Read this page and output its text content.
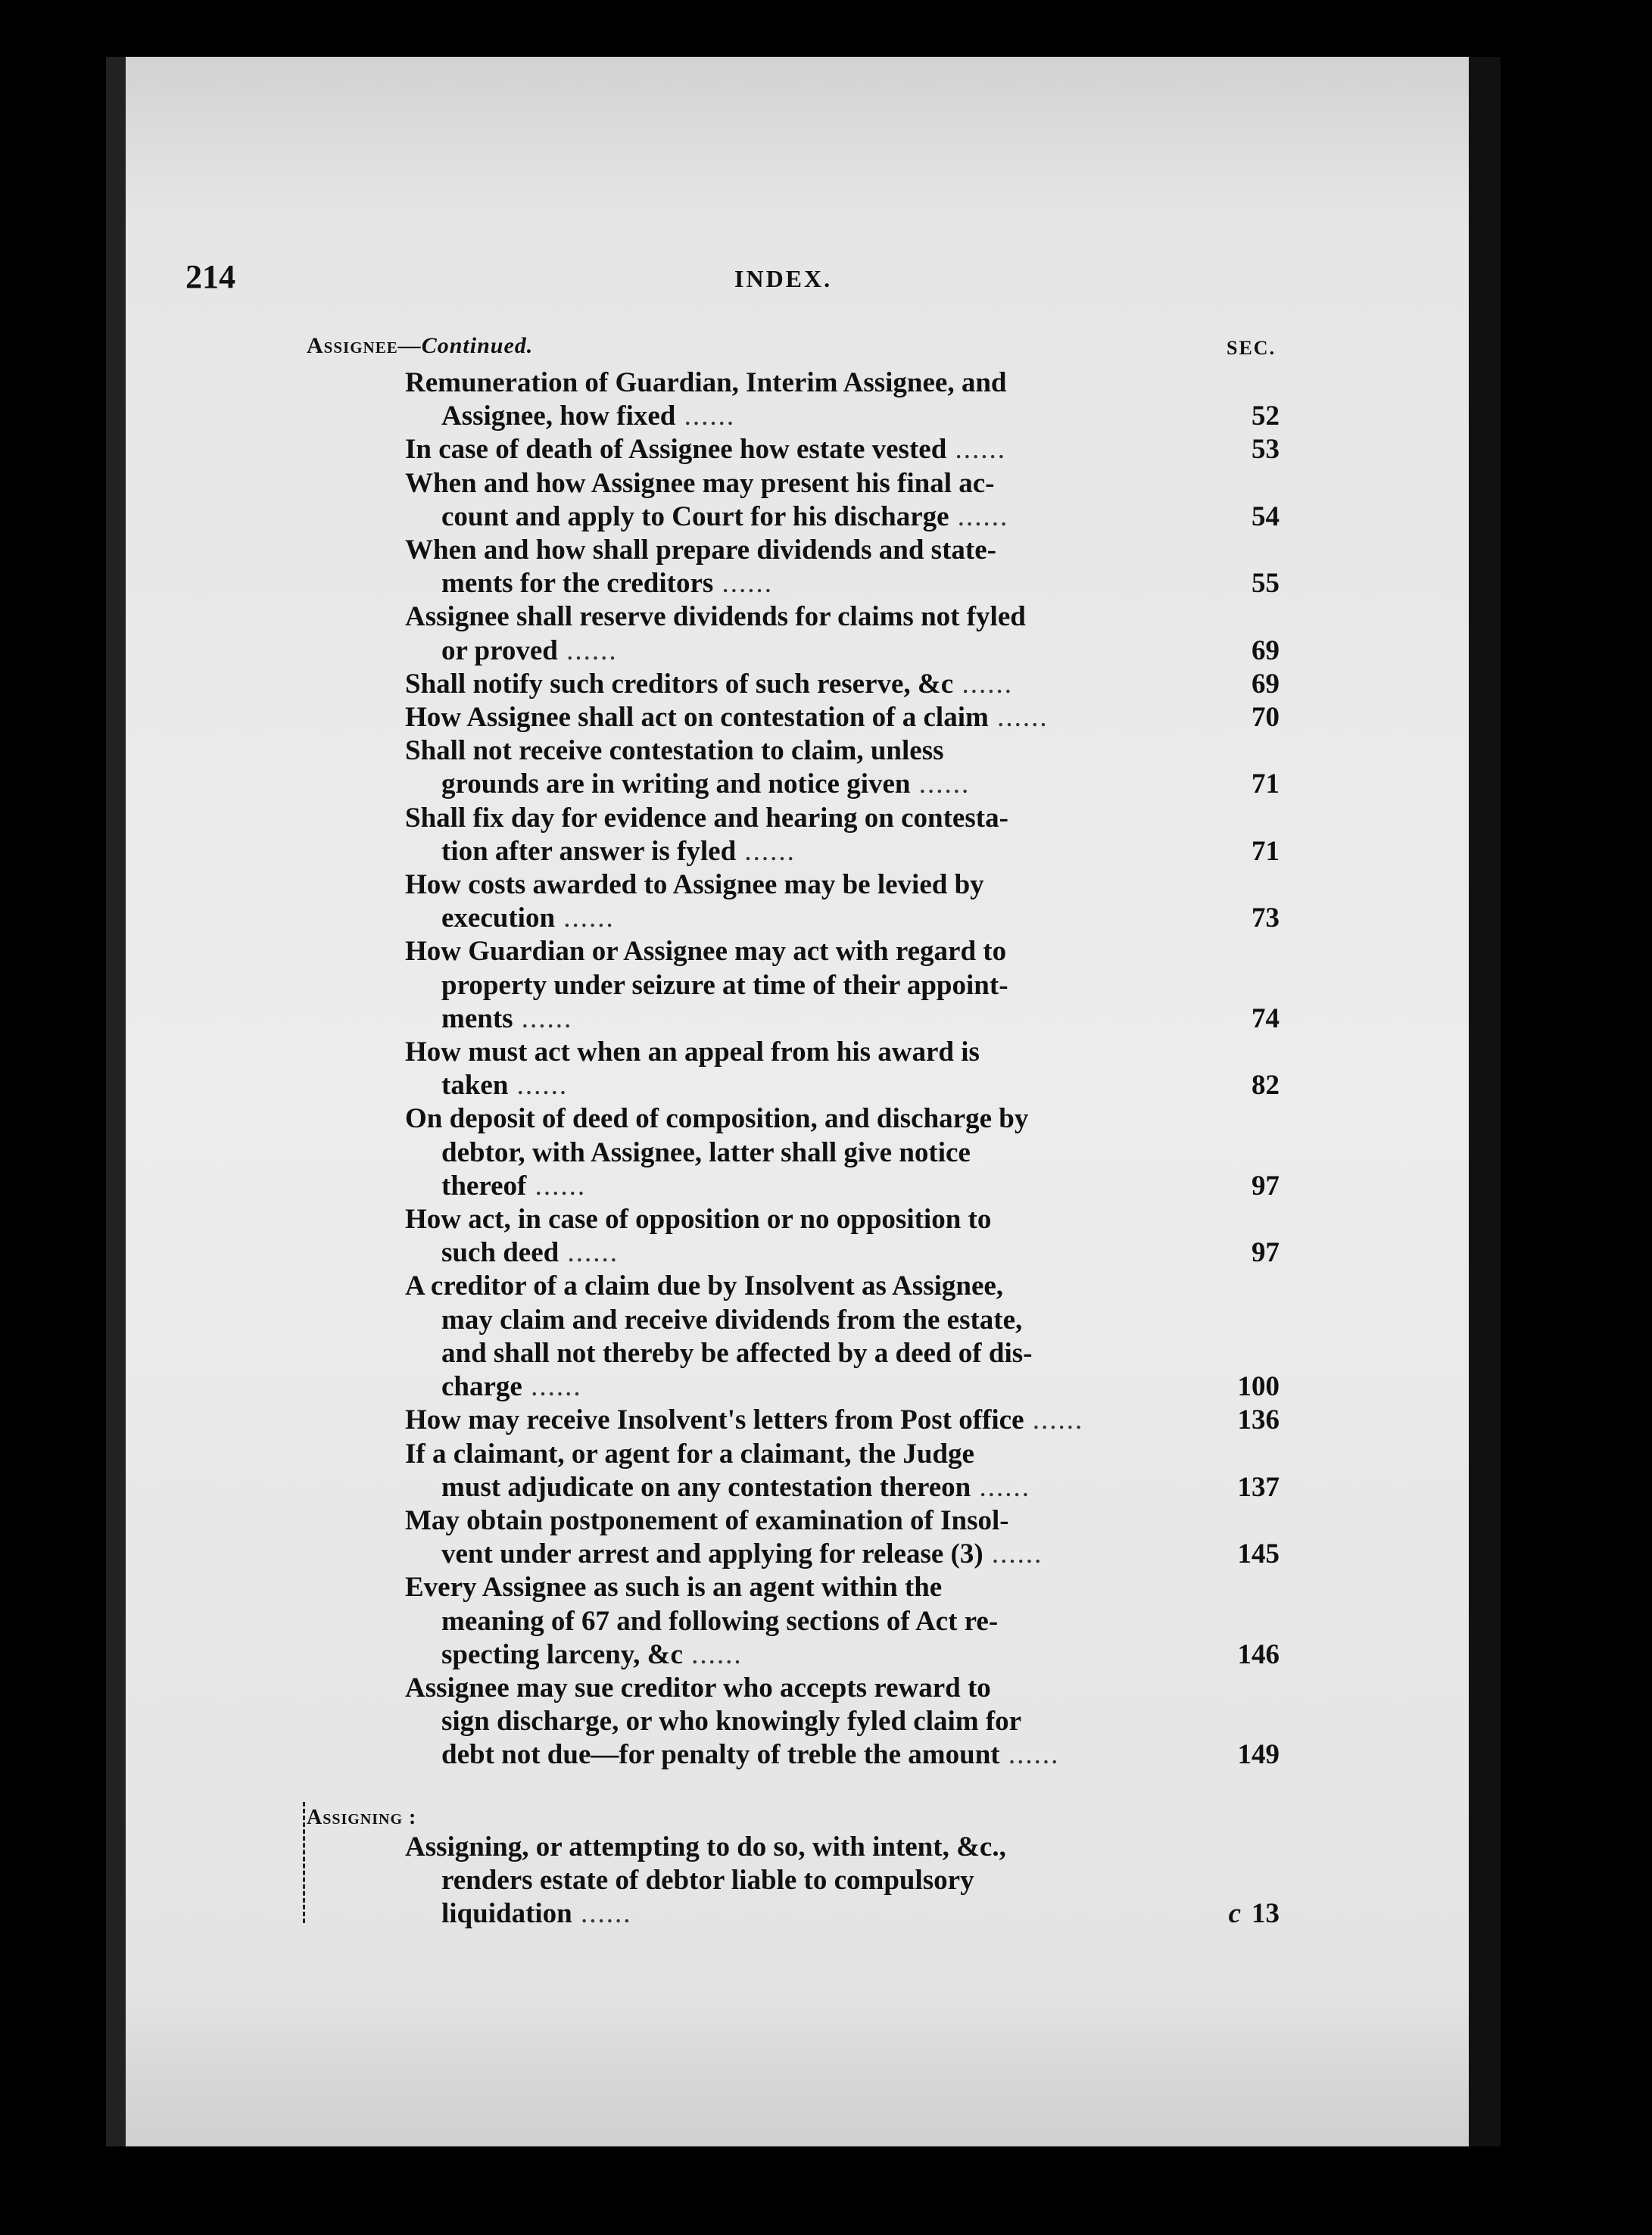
214	INDEX.
Assignee—Continued.	SEC.
Remuneration of Guardian, Interim Assignee, and
Assignee, how fixed ......	52
In case of death of Assignee how estate vested ......	53
When and how Assignee may present his final ac-
count and apply to Court for his discharge ......	54
When and how shall prepare dividends and state-
ments for the creditors ......	55
Assignee shall reserve dividends for claims not fyled
or proved ......	69
Shall notify such creditors of such reserve, &c ......	69
How Assignee shall act on contestation of a claim ......	70
Shall not receive contestation to claim, unless
grounds are in writing and notice given ......	71
Shall fix day for evidence and hearing on contesta-
tion after answer is fyled ......	71
How costs awarded to Assignee may be levied by
execution ......	73
How Guardian or Assignee may act with regard to
property under seizure at time of their appoint-
ments ......	74
How must act when an appeal from his award is
taken ......	82
On deposit of deed of composition, and discharge by
debtor, with Assignee, latter shall give notice
thereof ......	97
How act, in case of opposition or no opposition to
such deed ......	97
A creditor of a claim due by Insolvent as Assignee,
may claim and receive dividends from the estate,
and shall not thereby be affected by a deed of dis-
charge ......	100
How may receive Insolvent's letters from Post office ......	136
If a claimant, or agent for a claimant, the Judge
must adjudicate on any contestation thereon ......	137
May obtain postponement of examination of Insol-
vent under arrest and applying for release (3) ......	145
Every Assignee as such is an agent within the
meaning of 67 and following sections of Act re-
specting larceny, &c ......	146
Assignee may sue creditor who accepts reward to
sign discharge, or who knowingly fyled claim for
debt not due—for penalty of treble the amount ......	149
Assigning :
Assigning, or attempting to do so, with intent, &c.,
renders estate of debtor liable to compulsory
liquidation ......	c 13
